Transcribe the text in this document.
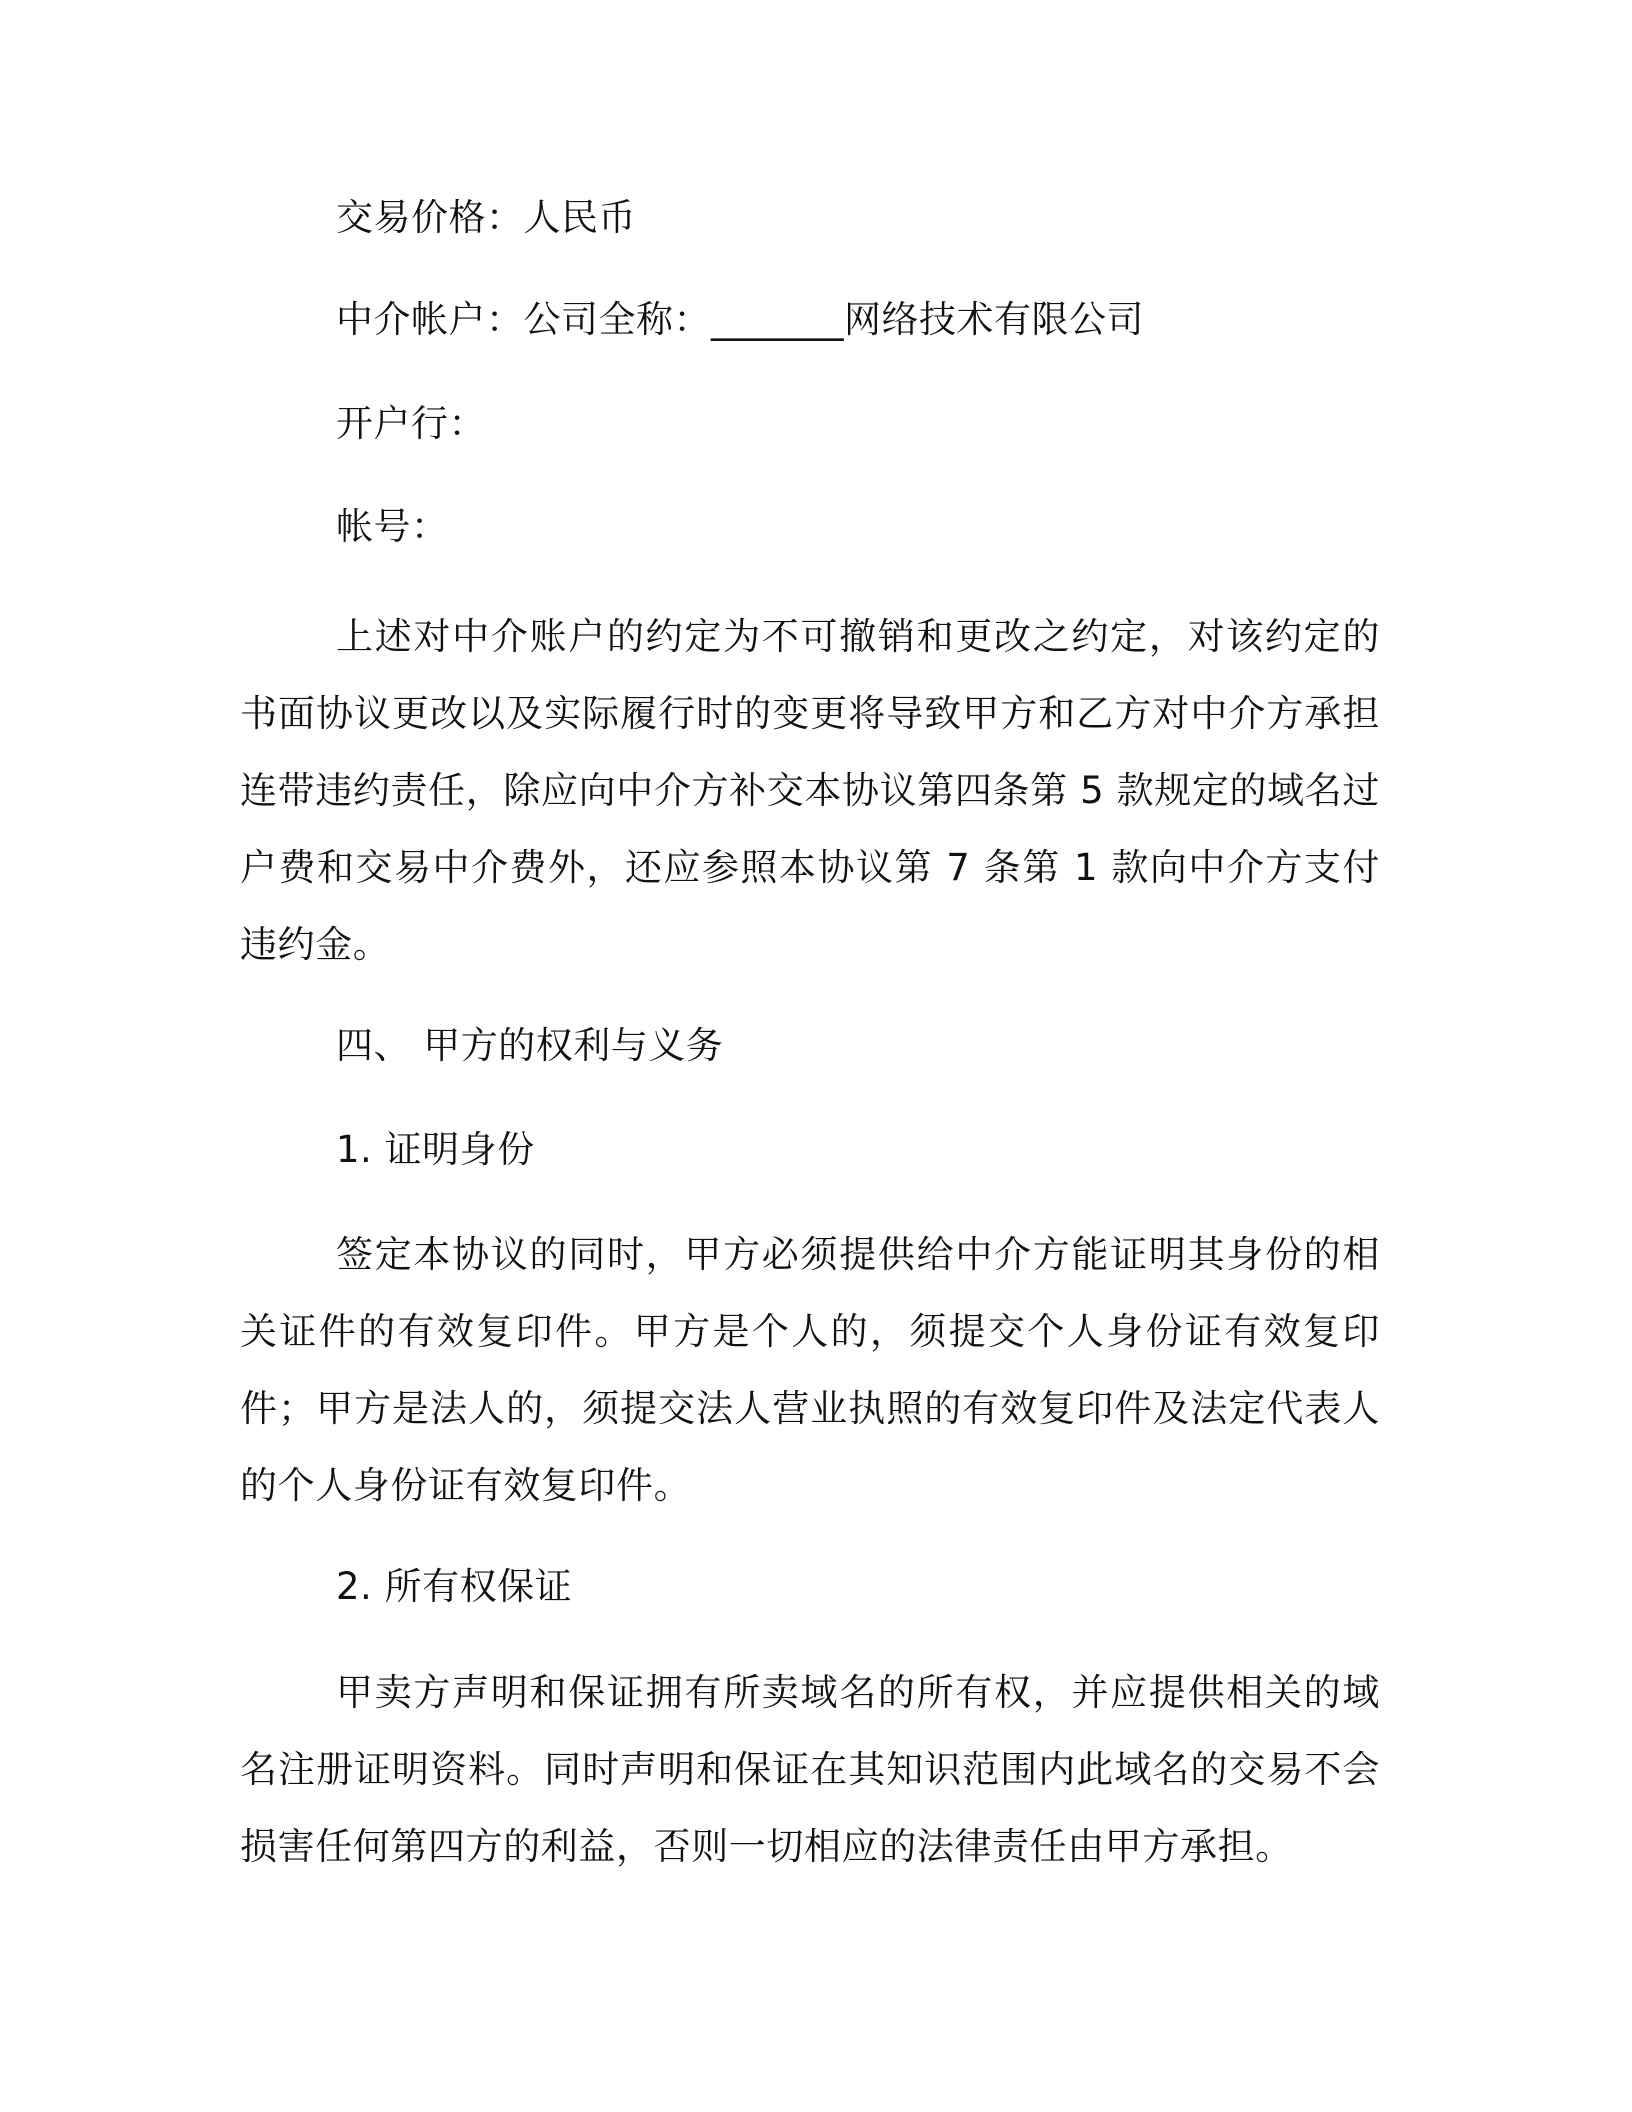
交易价格：人民币
中介帐户：公司全称：_______网络技术有限公司
开户行：
帐号：

上述对中介账户的约定为不可撤销和更改之约定，对该约定的书面协议更改以及实际履行时的变更将导致甲方和乙方对中介方承担连带违约责任，除应向中介方补交本协议第四条第 5 款规定的域名过户费和交易中介费外，还应参照本协议第 7 条第 1 款向中介方支付违约金。

四、 甲方的权利与义务
1. 证明身份

签定本协议的同时，甲方必须提供给中介方能证明其身份的相关证件的有效复印件。甲方是个人的，须提交个人身份证有效复印件；甲方是法人的，须提交法人营业执照的有效复印件及法定代表人的个人身份证有效复印件。

2. 所有权保证

甲卖方声明和保证拥有所卖域名的所有权，并应提供相关的域名注册证明资料。同时声明和保证在其知识范围内此域名的交易不会损害任何第四方的利益，否则一切相应的法律责任由甲方承担。
